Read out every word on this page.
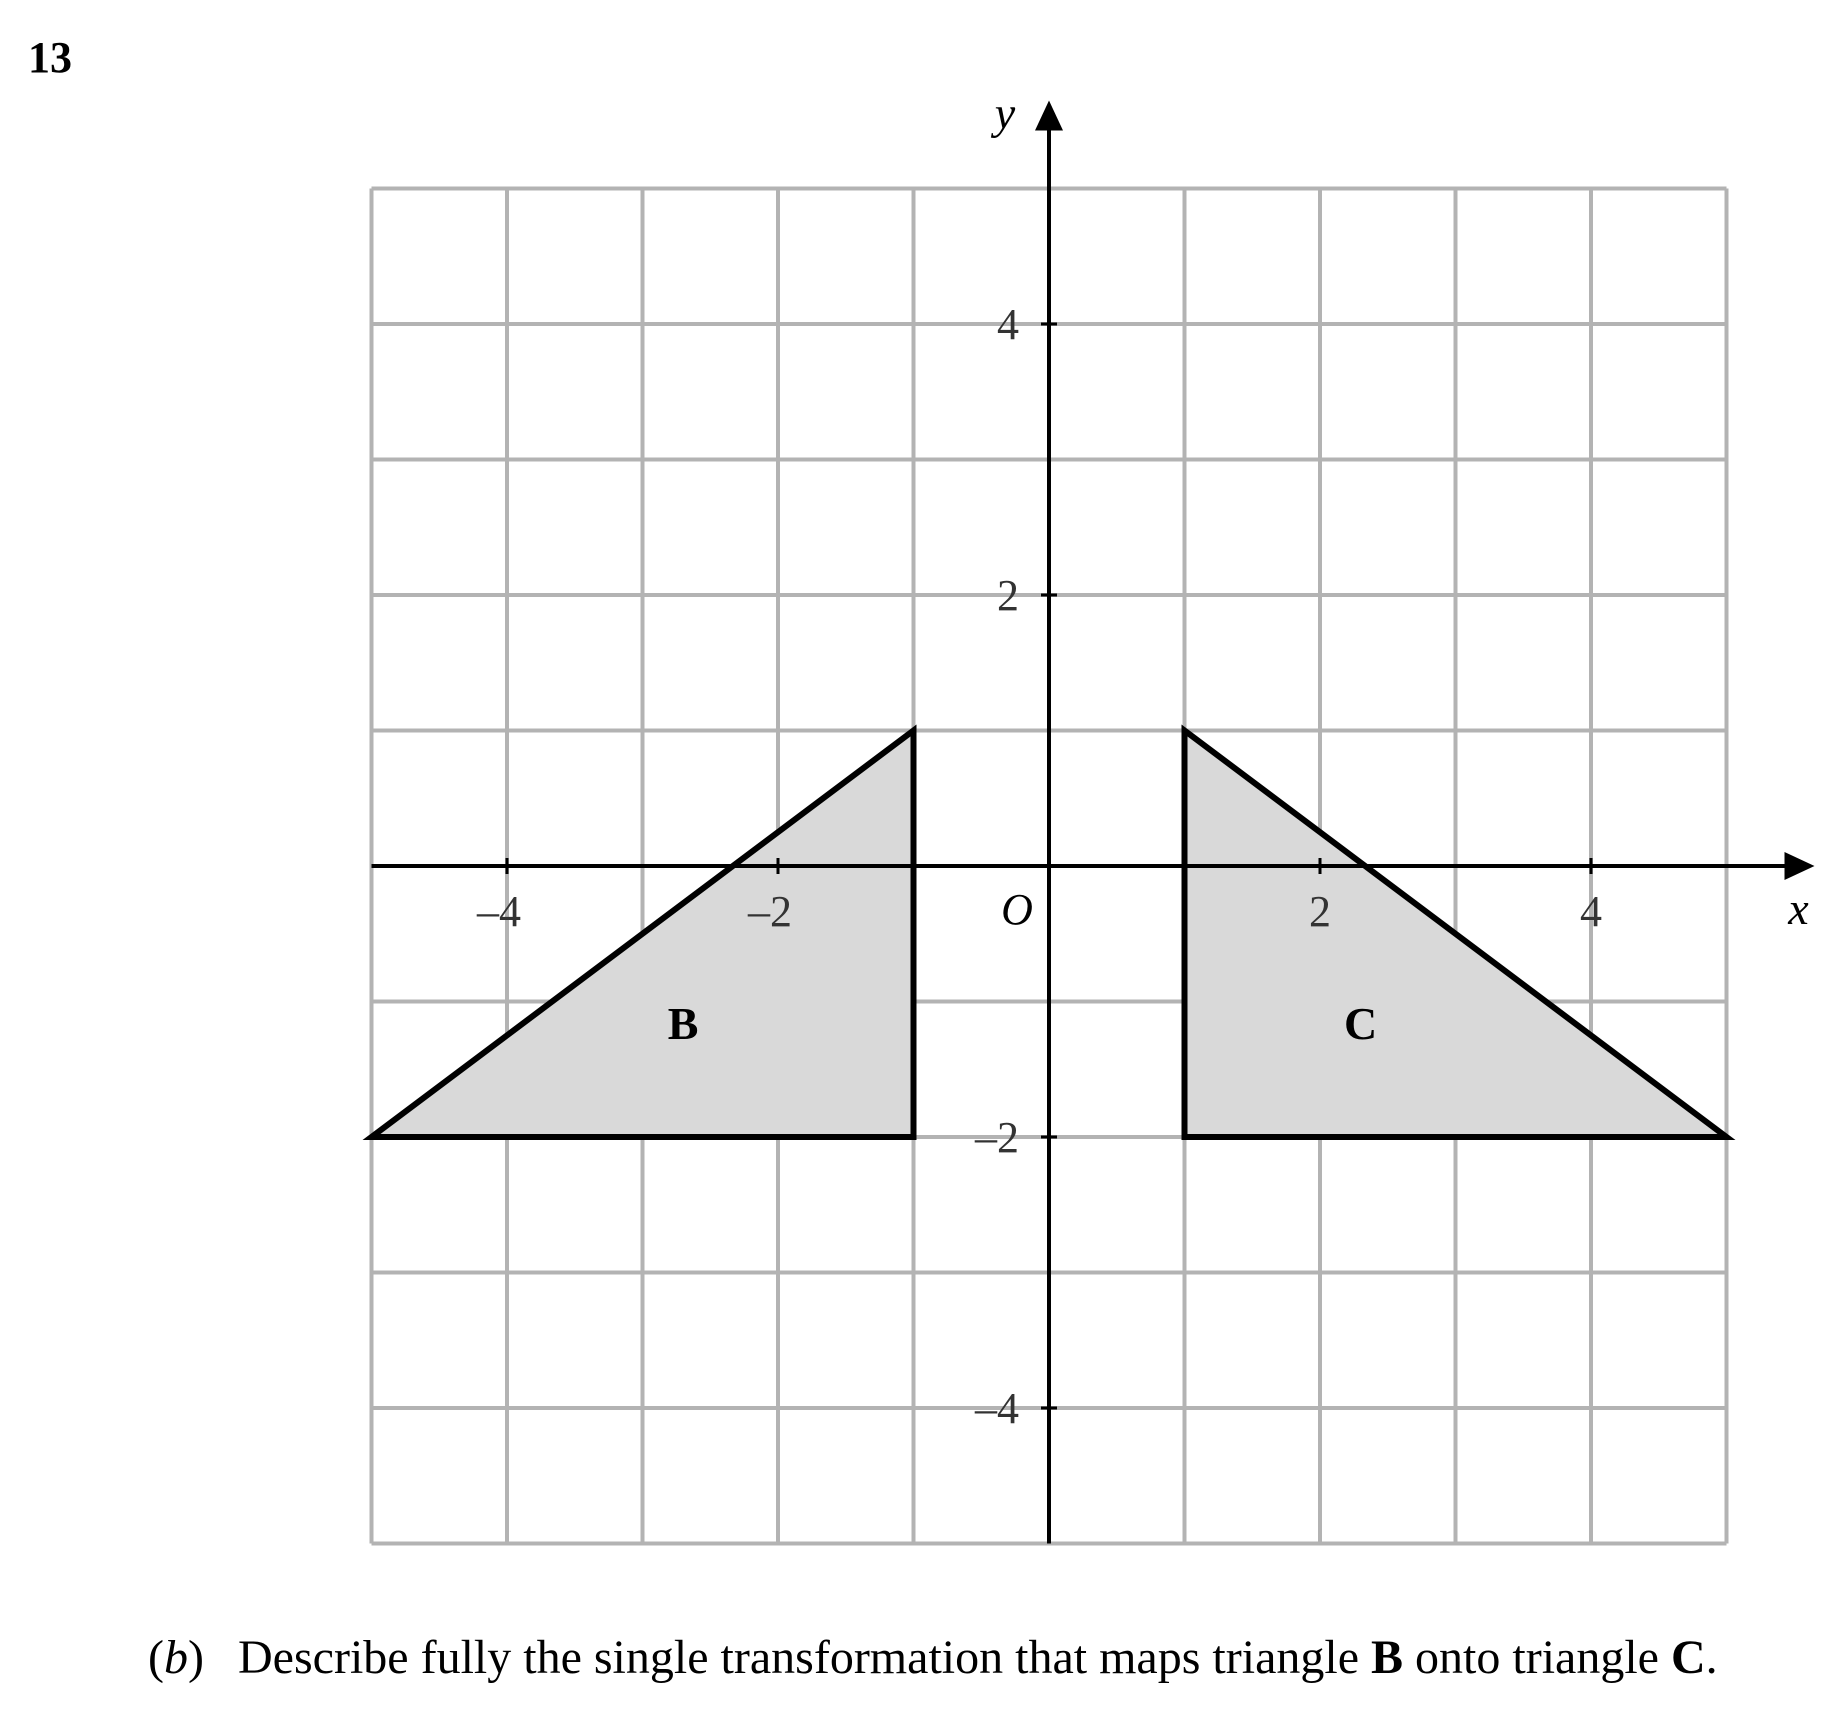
13
B	C
–4	–2	2	4
4
2
–2
–4
x
y
O
(b) Describe fully the single transformation that maps triangle B onto triangle C.
